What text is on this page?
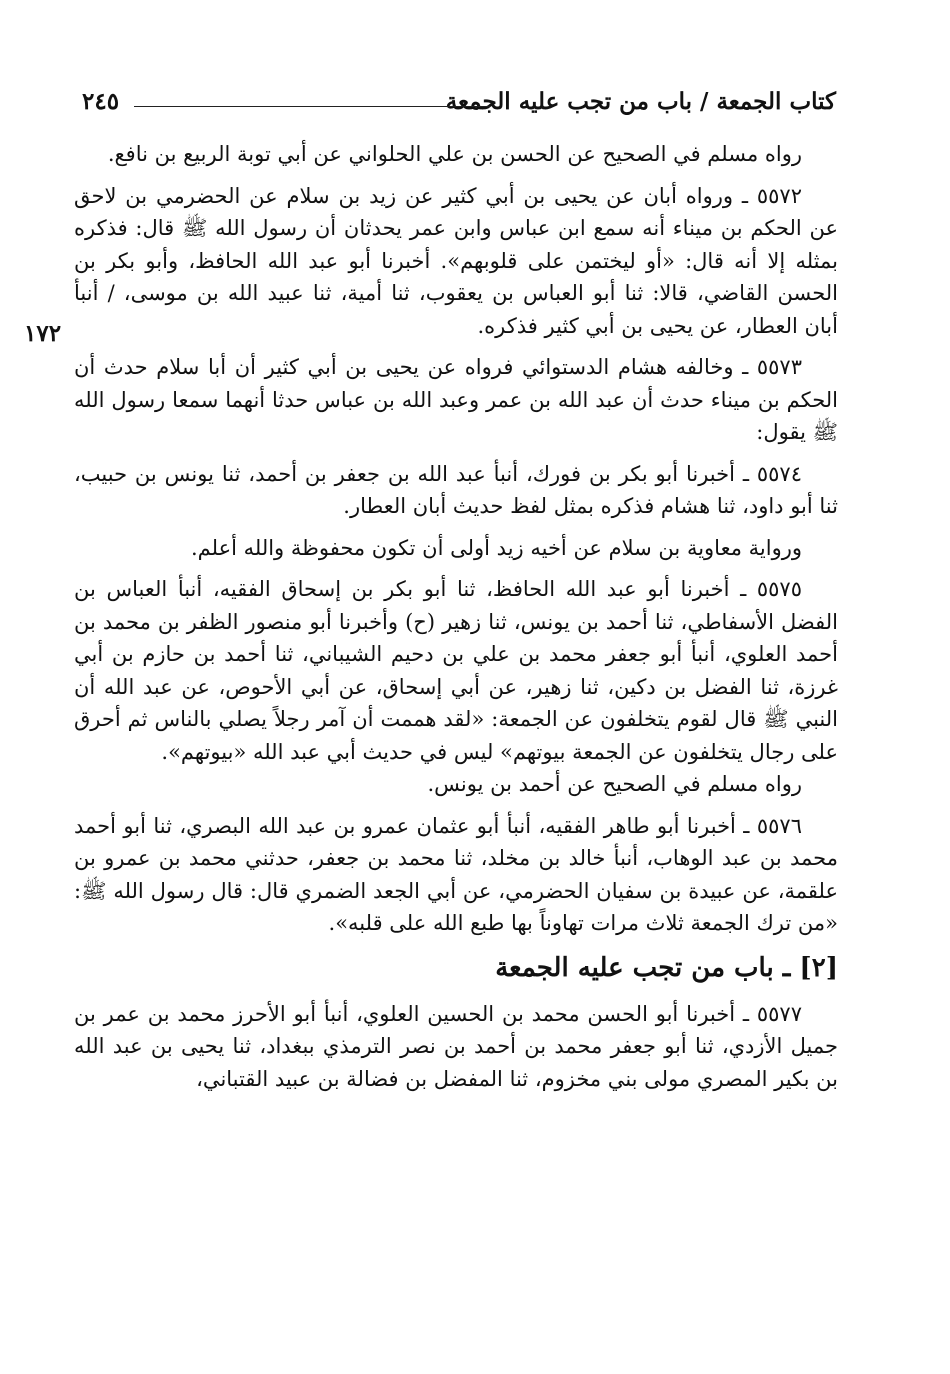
كتاب الجمعة / باب من تجب عليه الجمعة
٢٤٥
١٧٢

رواه مسلم في الصحيح عن الحسن بن علي الحلواني عن أبي توبة الربيع بن نافع.

٥٥٧٢ ـ ورواه أبان عن يحيى بن أبي كثير عن زيد بن سلام عن الحضرمي بن لاحق عن الحكم بن ميناء أنه سمع ابن عباس وابن عمر يحدثان أن رسول الله ﷺ قال: فذكره بمثله إلا أنه قال: «أو ليختمن على قلوبهم». أخبرنا أبو عبد الله الحافظ، وأبو بكر بن الحسن القاضي، قالا: ثنا أبو العباس بن يعقوب، ثنا أمية، ثنا عبيد الله بن موسى، / أنبأ أبان العطار، عن يحيى بن أبي كثير فذكره.

٥٥٧٣ ـ وخالفه هشام الدستوائي فرواه عن يحيى بن أبي كثير أن أبا سلام حدث أن الحكم بن ميناء حدث أن عبد الله بن عمر وعبد الله بن عباس حدثا أنهما سمعا رسول الله ﷺ يقول:

٥٥٧٤ ـ أخبرنا أبو بكر بن فورك، أنبأ عبد الله بن جعفر بن أحمد، ثنا يونس بن حبيب، ثنا أبو داود، ثنا هشام فذكره بمثل لفظ حديث أبان العطار.

ورواية معاوية بن سلام عن أخيه زيد أولى أن تكون محفوظة والله أعلم.

٥٥٧٥ ـ أخبرنا أبو عبد الله الحافظ، ثنا أبو بكر بن إسحاق الفقيه، أنبأ العباس بن الفضل الأسفاطي، ثنا أحمد بن يونس، ثنا زهير (ح) وأخبرنا أبو منصور الظفر بن محمد بن أحمد العلوي، أنبأ أبو جعفر محمد بن علي بن دحيم الشيباني، ثنا أحمد بن حازم بن أبي غرزة، ثنا الفضل بن دكين، ثنا زهير، عن أبي إسحاق، عن أبي الأحوص، عن عبد الله أن النبي ﷺ قال لقوم يتخلفون عن الجمعة: «لقد هممت أن آمر رجلاً يصلي بالناس ثم أحرق على رجال يتخلفون عن الجمعة بيوتهم» ليس في حديث أبي عبد الله «بيوتهم».

رواه مسلم في الصحيح عن أحمد بن يونس.

٥٥٧٦ ـ أخبرنا أبو طاهر الفقيه، أنبأ أبو عثمان عمرو بن عبد الله البصري، ثنا أبو أحمد محمد بن عبد الوهاب، أنبأ خالد بن مخلد، ثنا محمد بن جعفر، حدثني محمد بن عمرو بن علقمة، عن عبيدة بن سفيان الحضرمي، عن أبي الجعد الضمري قال: قال رسول الله ﷺ: «من ترك الجمعة ثلاث مرات تهاوناً بها طبع الله على قلبه».

[٢] ـ باب من تجب عليه الجمعة

٥٥٧٧ ـ أخبرنا أبو الحسن محمد بن الحسين العلوي، أنبأ أبو الأحرز محمد بن عمر بن جميل الأزدي، ثنا أبو جعفر محمد بن أحمد بن نصر الترمذي ببغداد، ثنا يحيى بن عبد الله بن بكير المصري مولى بني مخزوم، ثنا المفضل بن فضالة بن عبيد القتباني،
